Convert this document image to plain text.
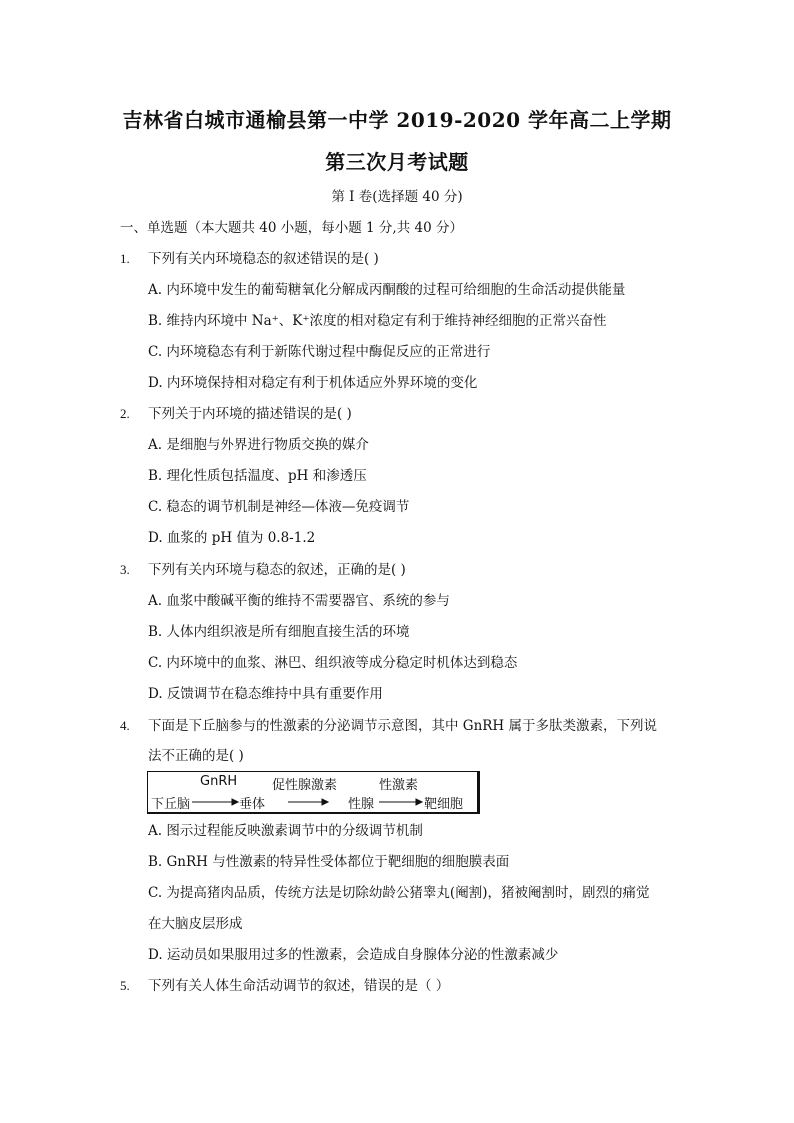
吉林省白城市通榆县第一中学 2019-2020 学年高二上学期
第三次月考试题
第 I 卷(选择题 40 分)
一、单选题（本大题共 40 小题，每小题 1 分,共 40 分）
1. 下列有关内环境稳态的叙述错误的是( )
A. 内环境中发生的葡萄糖氧化分解成丙酮酸的过程可给细胞的生命活动提供能量
B. 维持内环境中 Na⁺、K⁺浓度的相对稳定有利于维持神经细胞的正常兴奋性
C. 内环境稳态有利于新陈代谢过程中酶促反应的正常进行
D. 内环境保持相对稳定有利于机体适应外界环境的变化
2. 下列关于内环境的描述错误的是( )
A. 是细胞与外界进行物质交换的媒介
B. 理化性质包括温度、pH 和渗透压
C. 稳态的调节机制是神经—体液—免疫调节
D. 血浆的 pH 值为 0.8-1.2
3. 下列有关内环境与稳态的叙述，正确的是( )
A. 血浆中酸碱平衡的维持不需要器官、系统的参与
B. 人体内组织液是所有细胞直接生活的环境
C. 内环境中的血浆、淋巴、组织液等成分稳定时机体达到稳态
D. 反馈调节在稳态维持中具有重要作用
4. 下面是下丘脑参与的性激素的分泌调节示意图，其中 GnRH 属于多肽类激素，下列说
法不正确的是( )
GnRH	促性腺激素	性激素
下丘脑	垂体	性腺	靶细胞
A. 图示过程能反映激素调节中的分级调节机制
B. GnRH 与性激素的特异性受体都位于靶细胞的细胞膜表面
C. 为提高猪肉品质，传统方法是切除幼龄公猪睾丸(阉割)，猪被阉割时，剧烈的痛觉
在大脑皮层形成
D. 运动员如果服用过多的性激素，会造成自身腺体分泌的性激素减少
5. 下列有关人体生命活动调节的叙述，错误的是（ ）
